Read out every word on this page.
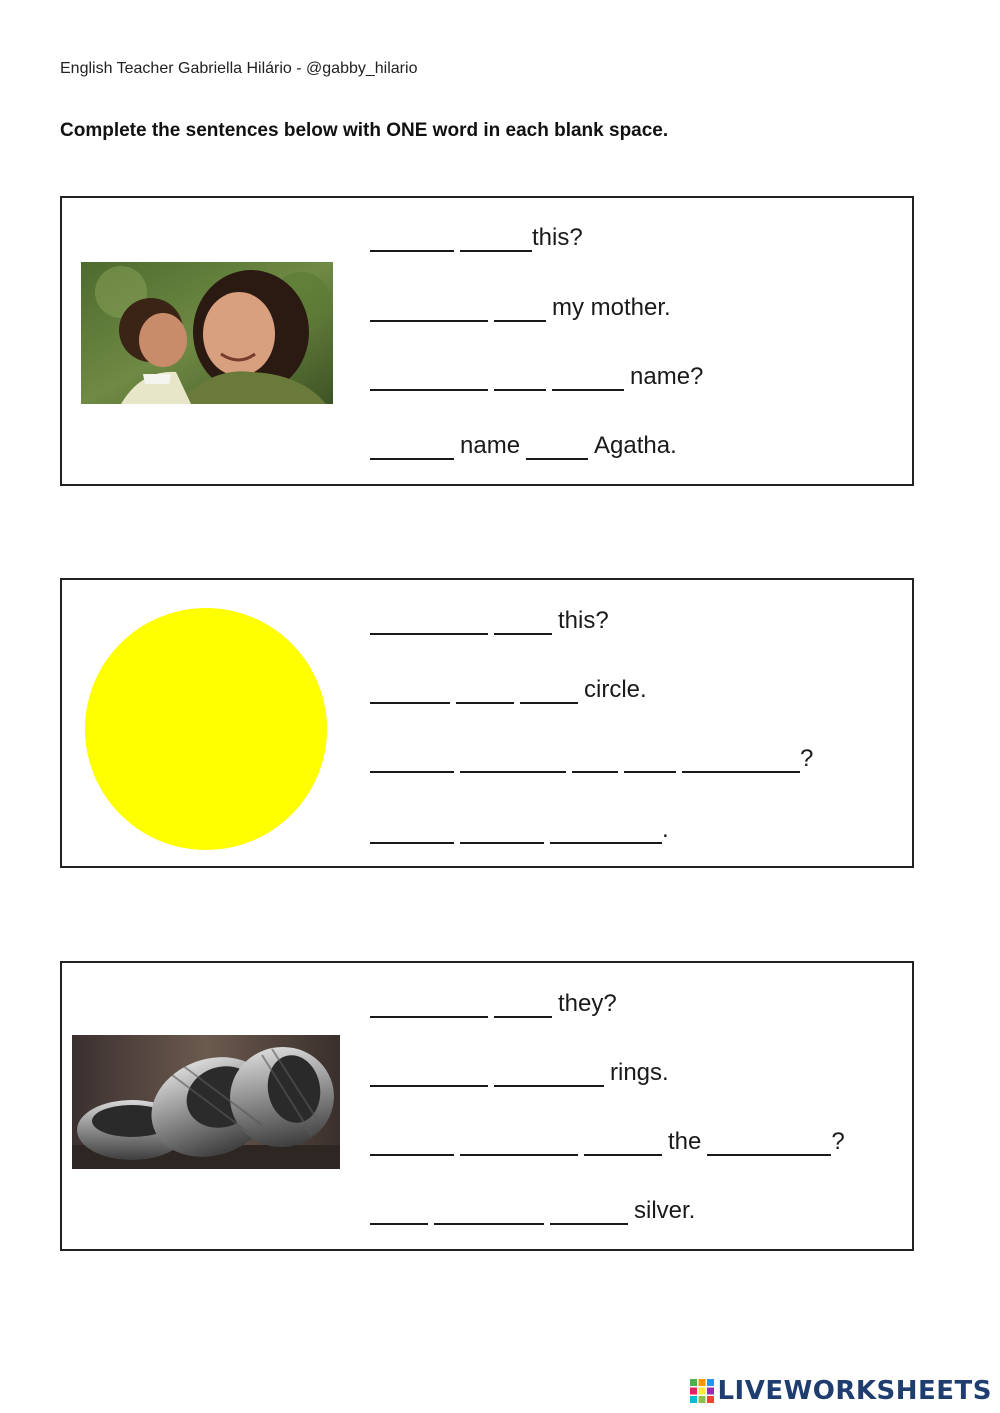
English Teacher Gabriella Hilário - @gabby_hilario
Complete the sentences below with ONE word in each blank space.
this?
my mother.
name?
name	Agatha.
this?
circle.
?
.
they?
rings.
the	?
silver.
LIVEWORKSHEETS
